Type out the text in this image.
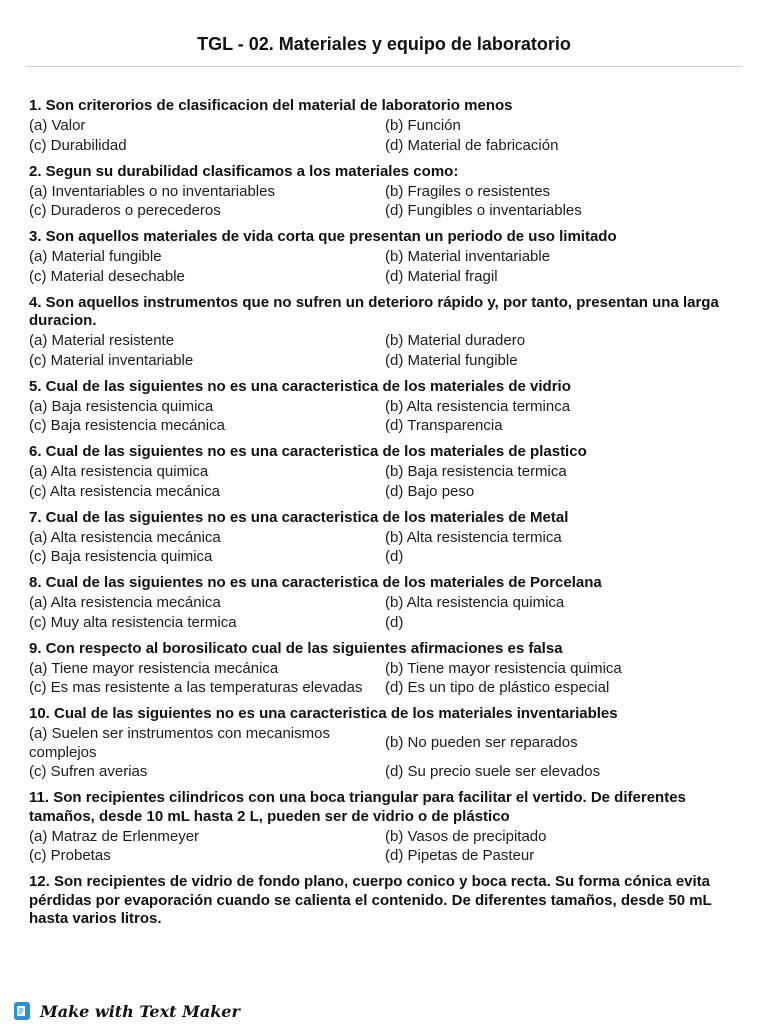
TGL - 02. Materiales y equipo de laboratorio
1. Son criterorios de clasificacion del material de laboratorio menos
(a) Valor	(b) Función
(c) Durabilidad	(d) Material de fabricación
2. Segun su durabilidad clasificamos a los materiales como:
(a) Inventariables o no inventariables	(b) Fragiles o resistentes
(c) Duraderos o perecederos	(d) Fungibles o inventariables
3. Son aquellos materiales de vida corta que presentan un periodo de uso limitado
(a) Material fungible	(b) Material inventariable
(c) Material desechable	(d) Material fragil
4. Son aquellos instrumentos que no sufren un deterioro rápido y, por tanto, presentan una larga duracion.
(a) Material resistente	(b) Material duradero
(c) Material inventariable	(d) Material fungible
5. Cual de las siguientes no es una caracteristica de los materiales de vidrio
(a) Baja resistencia quimica	(b) Alta resistencia terminca
(c) Baja resistencia mecánica	(d) Transparencia
6. Cual de las siguientes no es una caracteristica de los materiales de plastico
(a) Alta resistencia quimica	(b) Baja resistencia termica
(c) Alta resistencia mecánica	(d) Bajo peso
7. Cual de las siguientes no es una caracteristica de los materiales de Metal
(a) Alta resistencia mecánica	(b) Alta resistencia termica
(c) Baja resistencia quimica	(d)
8. Cual de las siguientes no es una caracteristica de los materiales de Porcelana
(a) Alta resistencia mecánica	(b) Alta resistencia quimica
(c) Muy alta resistencia termica	(d)
9. Con respecto al borosilicato cual de las siguientes afirmaciones es falsa
(a) Tiene mayor resistencia mecánica	(b) Tiene mayor resistencia quimica
(c) Es mas resistente a las temperaturas elevadas	(d) Es un tipo de plástico especial
10. Cual de las siguientes no es una caracteristica de los materiales inventariables
(a) Suelen ser instrumentos con mecanismos complejos
(b) No pueden ser reparados
(c) Sufren averias	(d) Su precio suele ser elevados
11. Son recipientes cilindricos con una boca triangular para facilitar el vertido. De diferentes tamaños, desde 10 mL hasta 2 L, pueden ser de vidrio o de plástico
(a) Matraz de Erlenmeyer	(b) Vasos de precipitado
(c) Probetas	(d) Pipetas de Pasteur
12. Son recipientes de vidrio de fondo plano, cuerpo conico y boca recta. Su forma cónica evita pérdidas por evaporación cuando se calienta el contenido. De diferentes tamaños, desde 50 mL hasta varios litros.
Make with Text Maker
